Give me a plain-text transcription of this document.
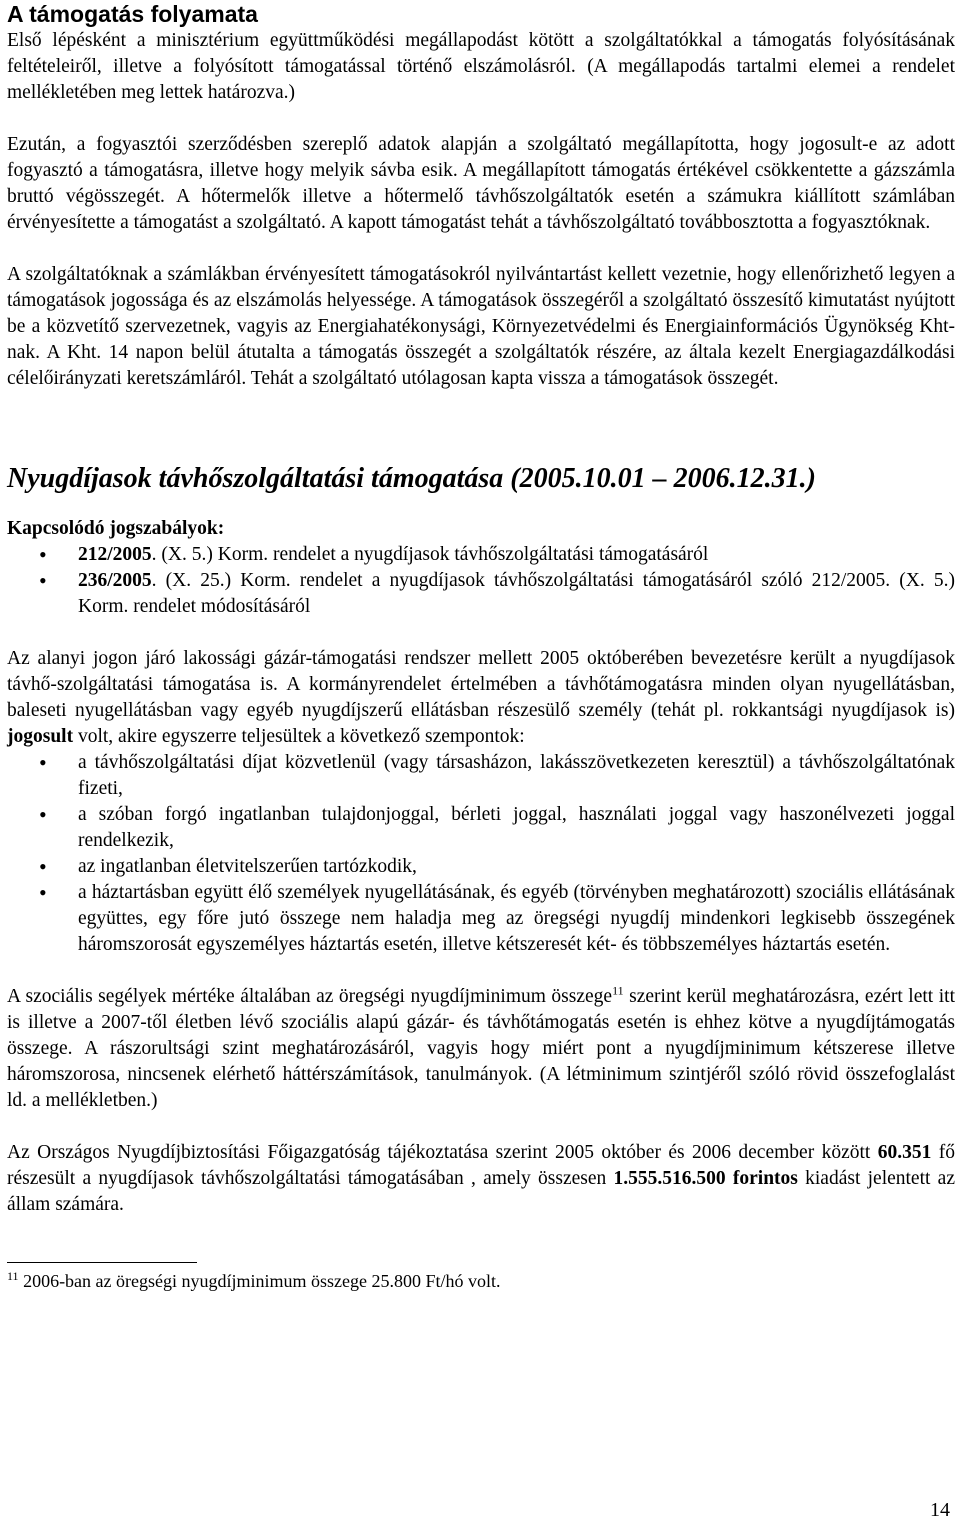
A támogatás folyamata

Első lépésként a minisztérium együttműködési megállapodást kötött a szolgáltatókkal a támogatás folyósításának feltételeiről, illetve a folyósított támogatással történő elszámolásról. (A megállapodás tartalmi elemei a rendelet mellékletében meg lettek határozva.)

Ezután, a fogyasztói szerződésben szereplő adatok alapján a szolgáltató megállapította, hogy jogosult-e az adott fogyasztó a támogatásra, illetve hogy melyik sávba esik. A megállapított támogatás értékével csökkentette a gázszámla bruttó végösszegét. A hőtermelők illetve a hőtermelő távhőszolgáltatók esetén a számukra kiállított számlában érvényesítette a támogatást a szolgáltató. A kapott támogatást tehát a távhőszolgáltató továbbosztotta a fogyasztóknak.

A szolgáltatóknak a számlákban érvényesített támogatásokról nyilvántartást kellett vezetnie, hogy ellenőrizhető legyen a támogatások jogossága és az elszámolás helyessége. A támogatások összegéről a szolgáltató összesítő kimutatást nyújtott be a közvetítő szervezetnek, vagyis az Energiahatékonysági, Környezetvédelmi és Energiainformációs Ügynökség Kht-nak. A Kht. 14 napon belül átutalta a támogatás összegét a szolgáltatók részére, az általa kezelt Energiagazdálkodási célelőirányzati keretszámláról. Tehát a szolgáltató utólagosan kapta vissza a támogatások összegét.

Nyugdíjasok távhőszolgáltatási támogatása (2005.10.01 – 2006.12.31.)
Kapcsolódó jogszabályok:
• 212/2005. (X. 5.) Korm. rendelet a nyugdíjasok távhőszolgáltatási támogatásáról
• 236/2005. (X. 25.) Korm. rendelet a nyugdíjasok távhőszolgáltatási támogatásáról szóló 212/2005. (X. 5.) Korm. rendelet módosításáról

Az alanyi jogon járó lakossági gázár-támogatási rendszer mellett 2005 októberében bevezetésre került a nyugdíjasok távhő-szolgáltatási támogatása is. A kormányrendelet értelmében a távhőtámogatásra minden olyan nyugellátásban, baleseti nyugellátásban vagy egyéb nyugdíjszerű ellátásban részesülő személy (tehát pl. rokkantsági nyugdíjasok is) jogosult volt, akire egyszerre teljesültek a következő szempontok:

• a távhőszolgáltatási díjat közvetlenül (vagy társasházon, lakásszövetkezeten keresztül) a távhőszolgáltatónak fizeti,
• a szóban forgó ingatlanban tulajdonjoggal, bérleti joggal, használati joggal vagy haszonélvezeti joggal rendelkezik,
• az ingatlanban életvitelszerűen tartózkodik,
• a háztartásban együtt élő személyek nyugellátásának, és egyéb (törvényben meghatározott) szociális ellátásának együttes, egy főre jutó összege nem haladja meg az öregségi nyugdíj mindenkori legkisebb összegének háromszorosát egyszemélyes háztartás esetén, illetve kétszeresét két- és többszemélyes háztartás esetén.

A szociális segélyek mértéke általában az öregségi nyugdíjminimum összege$^{11}$ szerint kerül meghatározásra, ezért lett itt is illetve a 2007-től életben lévő szociális alapú gázár- és távhőtámogatás esetén is ehhez kötve a nyugdíjtámogatás összege. A rászorultsági szint meghatározásáról, vagyis hogy miért pont a nyugdíjminimum kétszerese illetve háromszorosa, nincsenek elérhető háttérszámítások, tanulmányok. (A létminimum szintjéről szóló rövid összefoglalást ld. a mellékletben.)

Az Országos Nyugdíjbiztosítási Főigazgatóság tájékoztatása szerint 2005 október és 2006 december között 60.351 fő részesült a nyugdíjasok távhőszolgáltatási támogatásában , amely összesen 1.555.516.500 forintos kiadást jelentett az állam számára.

$^{11}$ 2006-ban az öregségi nyugdíjminimum összege 25.800 Ft/hó volt.
14
